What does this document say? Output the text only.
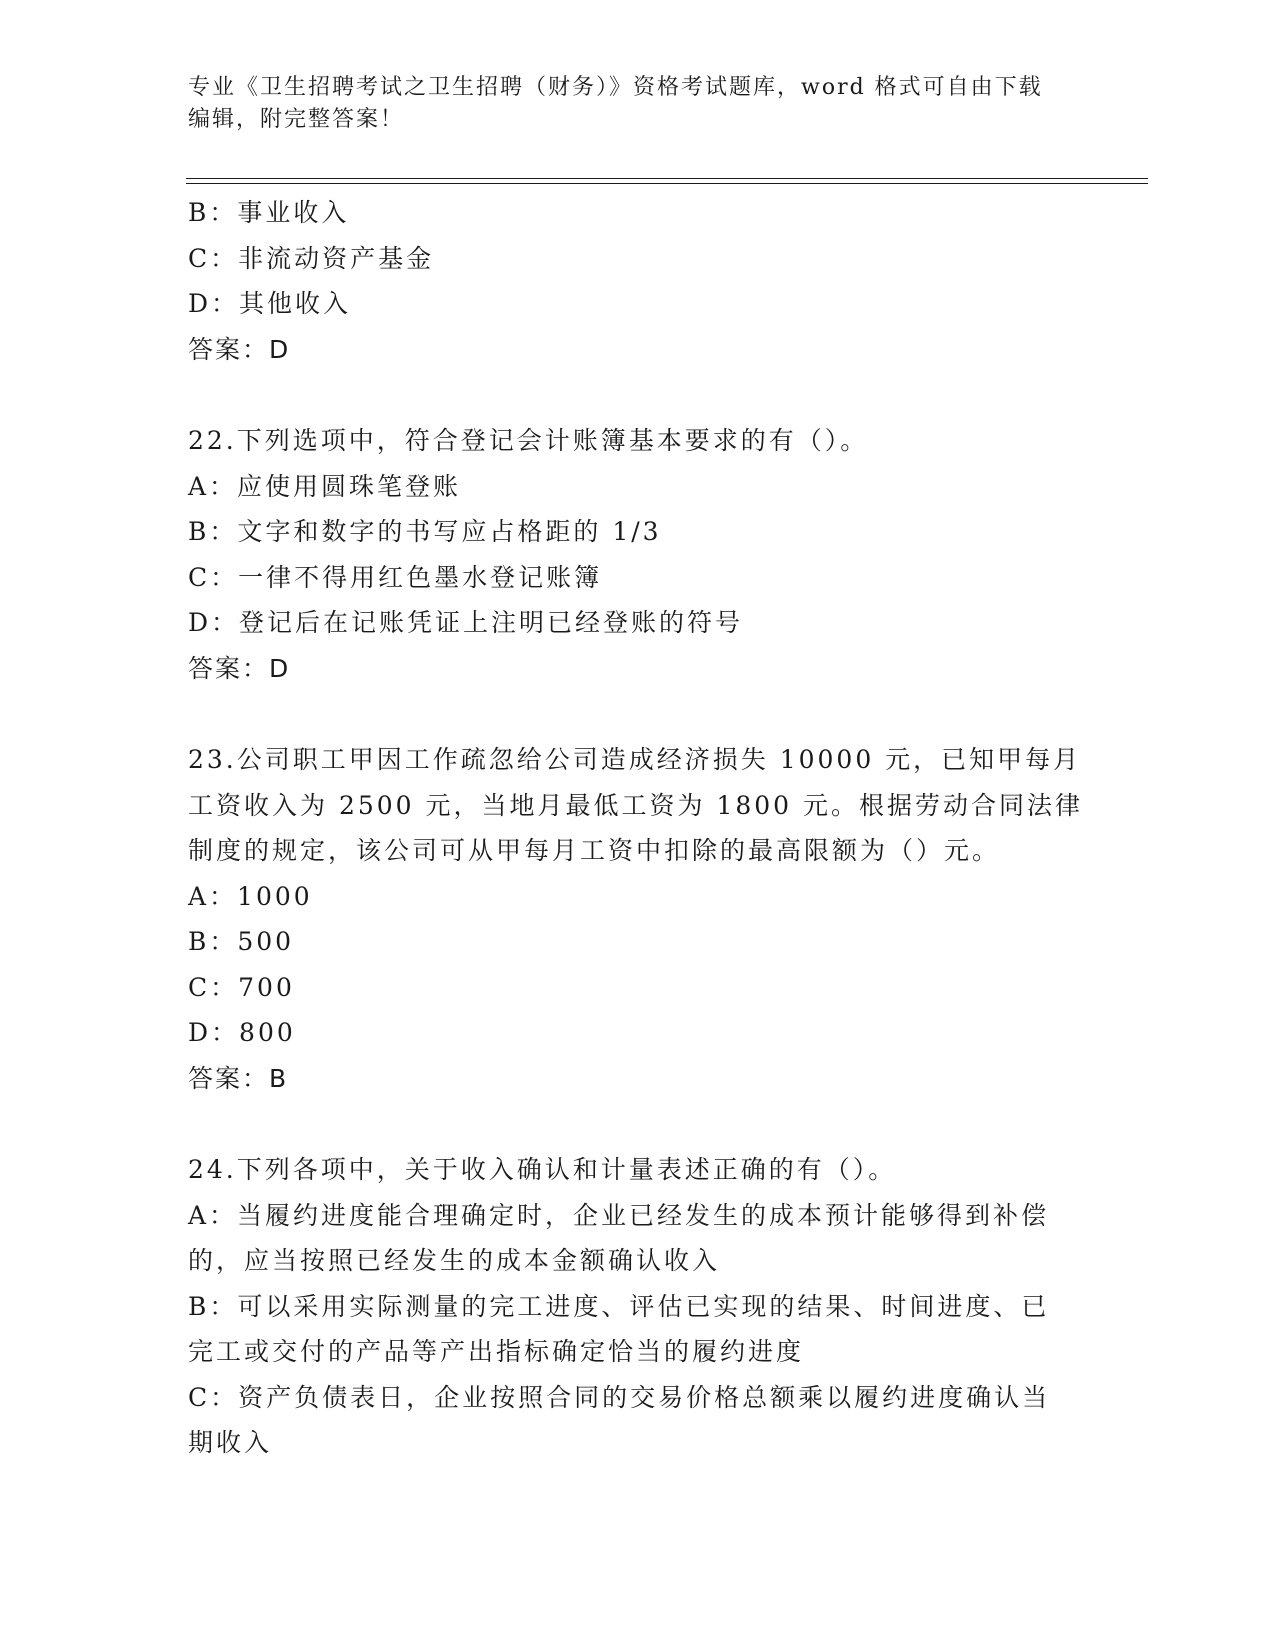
专业《卫生招聘考试之卫生招聘（财务）》资格考试题库，word 格式可自由下载
编辑，附完整答案！
B：事业收入
C：非流动资产基金
D：其他收入
答案：D
22.下列选项中，符合登记会计账簿基本要求的有（）。
A：应使用圆珠笔登账
B：文字和数字的书写应占格距的 1/3
C：一律不得用红色墨水登记账簿
D：登记后在记账凭证上注明已经登账的符号
答案：D
23.公司职工甲因工作疏忽给公司造成经济损失 10000 元，已知甲每月
工资收入为 2500 元，当地月最低工资为 1800 元。根据劳动合同法律
制度的规定，该公司可从甲每月工资中扣除的最高限额为（）元。
A：1000
B：500
C：700
D：800
答案：B
24.下列各项中，关于收入确认和计量表述正确的有（）。
A：当履约进度能合理确定时，企业已经发生的成本预计能够得到补偿
的，应当按照已经发生的成本金额确认收入
B：可以采用实际测量的完工进度、评估已实现的结果、时间进度、已
完工或交付的产品等产出指标确定恰当的履约进度
C：资产负债表日，企业按照合同的交易价格总额乘以履约进度确认当
期收入
